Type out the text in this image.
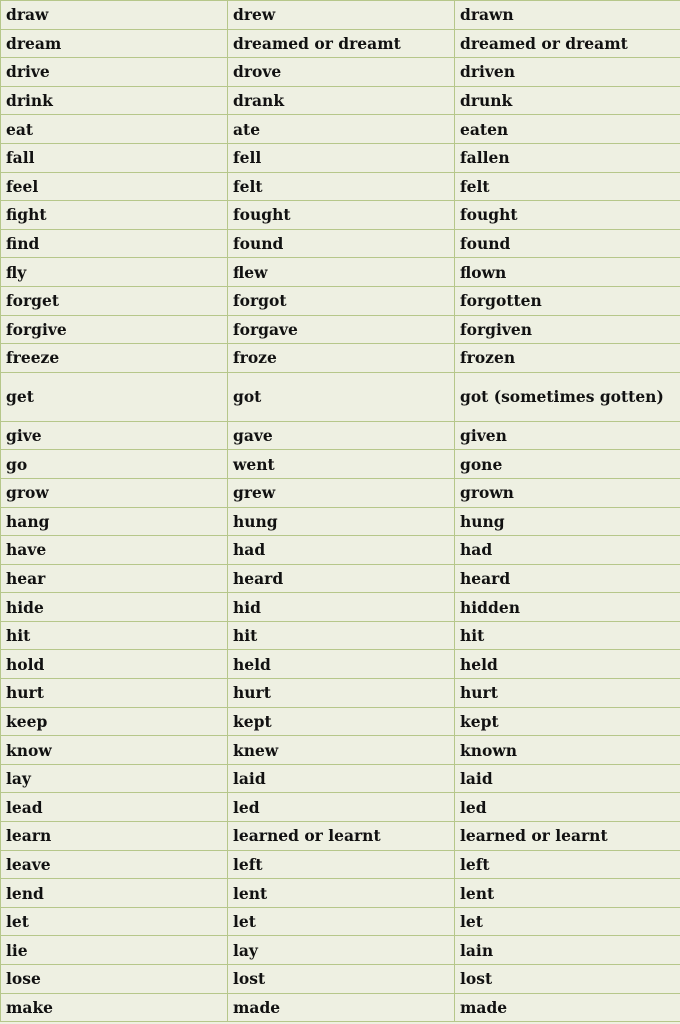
draw	drew	drawn
dream	dreamed or dreamt	dreamed or dreamt
drive	drove	driven
drink	drank	drunk
eat	ate	eaten
fall	fell	fallen
feel	felt	felt
fight	fought	fought
find	found	found
fly	flew	flown
forget	forgot	forgotten
forgive	forgave	forgiven
freeze	froze	frozen
get	got	got (sometimes gotten)
give	gave	given
go	went	gone
grow	grew	grown
hang	hung	hung
have	had	had
hear	heard	heard
hide	hid	hidden
hit	hit	hit
hold	held	held
hurt	hurt	hurt
keep	kept	kept
know	knew	known
lay	laid	laid
lead	led	led
learn	learned or learnt	learned or learnt
leave	left	left
lend	lent	lent
let	let	let
lie	lay	lain
lose	lost	lost
make	made	made
